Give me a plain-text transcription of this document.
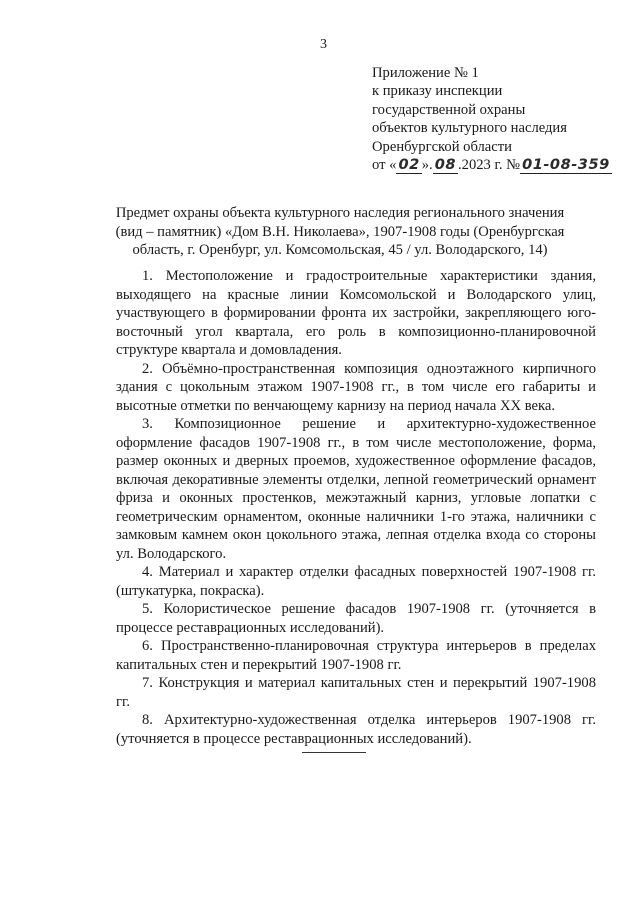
3
Приложение № 1
к приказу инспекции
государственной охраны
объектов культурного наследия
Оренбургской области
от « 02 ». 08 .2023 г. № 01-08-359
Предмет охраны объекта культурного наследия регионального значения
(вид – памятник) «Дом В.Н. Николаева», 1907-1908 годы (Оренбургская
область, г. Оренбург, ул. Комсомольская, 45 / ул. Володарского, 14)

1. Местоположение и градостроительные характеристики здания, выходящего на красные линии Комсомольской и Володарского улиц, участвующего в формировании фронта их застройки, закрепляющего юго-восточный угол квартала, его роль в композиционно-планировочной структуре квартала и домовладения.

2. Объёмно-пространственная композиция одноэтажного кирпичного здания с цокольным этажом 1907-1908 гг., в том числе его габариты и высотные отметки по венчающему карнизу на период начала XX века.

3. Композиционное решение и архитектурно-художественное оформление фасадов 1907-1908 гг., в том числе местоположение, форма, размер оконных и дверных проемов, художественное оформление фасадов, включая декоративные элементы отделки, лепной геометрический орнамент фриза и оконных простенков, межэтажный карниз, угловые лопатки с геометрическим орнаментом, оконные наличники 1-го этажа, наличники с замковым камнем окон цокольного этажа, лепная отделка входа со стороны ул. Володарского.

4. Материал и характер отделки фасадных поверхностей 1907-1908 гг. (штукатурка, покраска).

5. Колористическое решение фасадов 1907-1908 гг. (уточняется в процессе реставрационных исследований).

6. Пространственно-планировочная структура интерьеров в пределах капитальных стен и перекрытий 1907-1908 гг.

7. Конструкция и материал капитальных стен и перекрытий 1907-1908 гг.

8. Архитектурно-художественная отделка интерьеров 1907-1908 гг. (уточняется в процессе реставрационных исследований).
